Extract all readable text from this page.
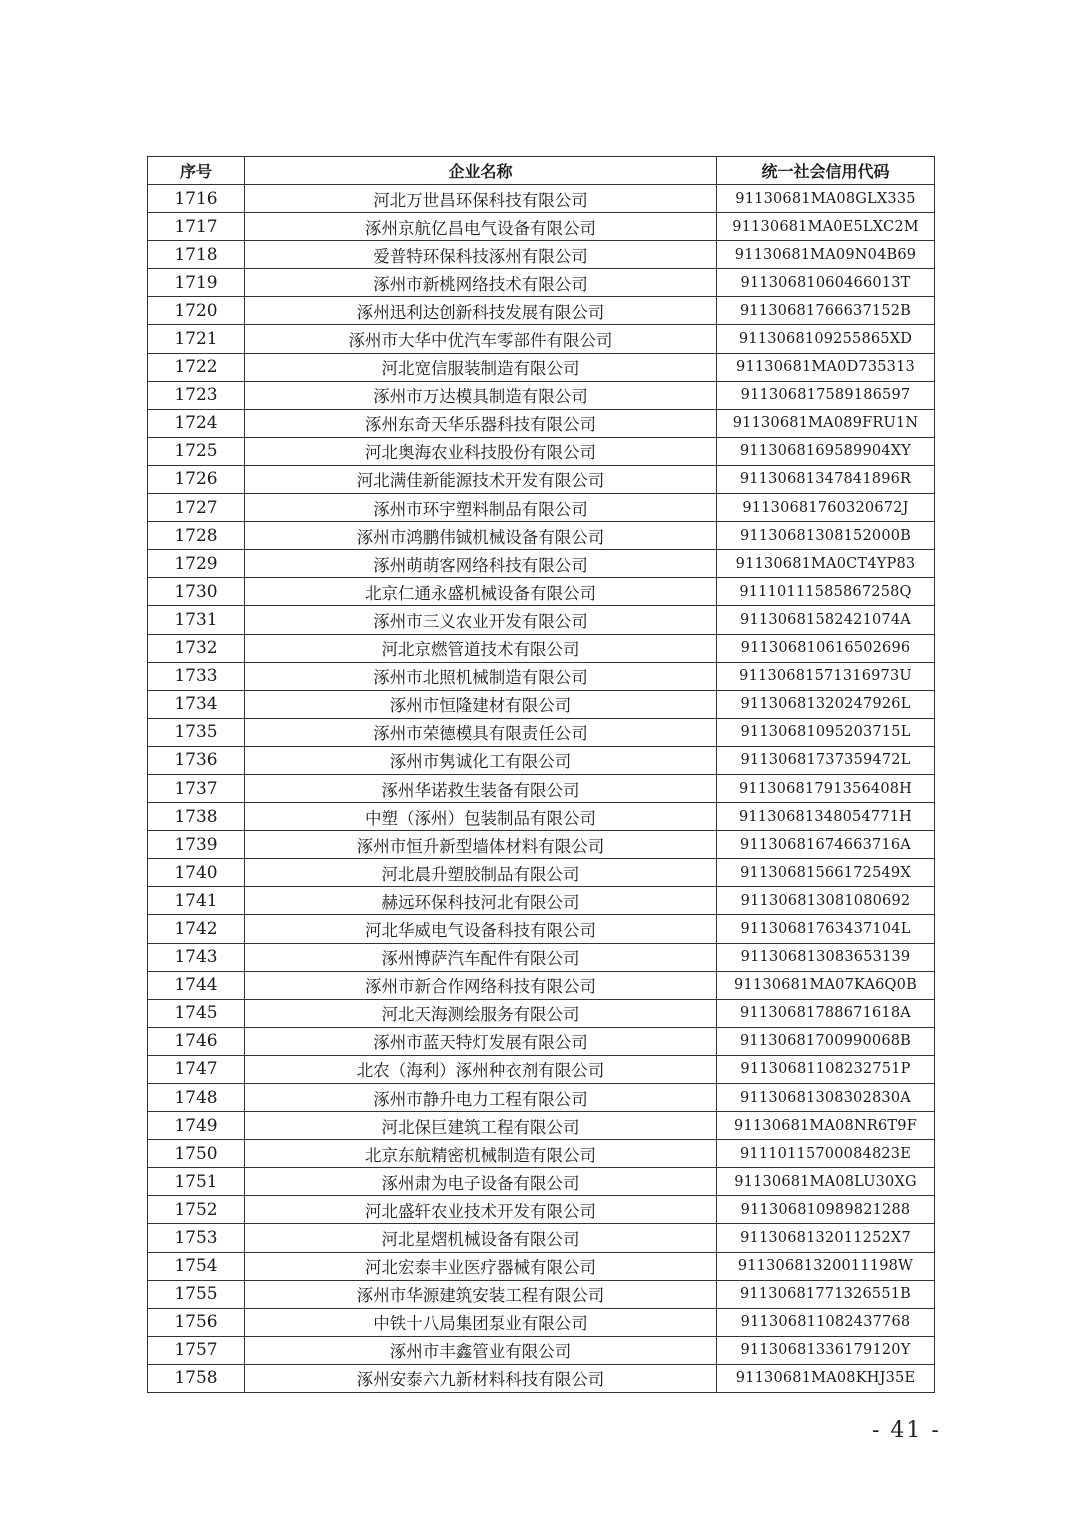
序号	企业名称	统一社会信用代码
1716	河北万世昌环保科技有限公司	91130681MA08GLX335
1717	涿州京航亿昌电气设备有限公司	91130681MA0E5LXC2M
1718	爱普特环保科技涿州有限公司	91130681MA09N04B69
1719	涿州市新桃网络技术有限公司	91130681060466013T
1720	涿州迅利达创新科技发展有限公司	91130681766637152B
1721	涿州市大华中优汽车零部件有限公司	9113068109255865XD
1722	河北宽信服装制造有限公司	91130681MA0D735313
1723	涿州市万达模具制造有限公司	911306817589186597
1724	涿州东奇天华乐器科技有限公司	91130681MA089FRU1N
1725	河北奥海农业科技股份有限公司	9113068169589904XY
1726	河北满佳新能源技术开发有限公司	91130681347841896R
1727	涿州市环宇塑料制品有限公司	91130681760320672J
1728	涿州市鸿鹏伟铖机械设备有限公司	91130681308152000B
1729	涿州萌萌客网络科技有限公司	91130681MA0CT4YP83
1730	北京仁通永盛机械设备有限公司	91110111585867258Q
1731	涿州市三义农业开发有限公司	91130681582421074A
1732	河北京燃管道技术有限公司	911306810616502696
1733	涿州市北照机械制造有限公司	91130681571316973U
1734	涿州市恒隆建材有限公司	91130681320247926L
1735	涿州市荣德模具有限责任公司	91130681095203715L
1736	涿州市隽诚化工有限公司	91130681737359472L
1737	涿州华诺救生装备有限公司	91130681791356408H
1738	中塑（涿州）包装制品有限公司	91130681348054771H
1739	涿州市恒升新型墙体材料有限公司	91130681674663716A
1740	河北晨升塑胶制品有限公司	91130681566172549X
1741	赫远环保科技河北有限公司	911306813081080692
1742	河北华威电气设备科技有限公司	91130681763437104L
1743	涿州博萨汽车配件有限公司	911306813083653139
1744	涿州市新合作网络科技有限公司	91130681MA07KA6Q0B
1745	河北天海测绘服务有限公司	91130681788671618A
1746	涿州市蓝天特灯发展有限公司	91130681700990068B
1747	北农（海利）涿州种衣剂有限公司	91130681108232751P
1748	涿州市静升电力工程有限公司	91130681308302830A
1749	河北保巨建筑工程有限公司	91130681MA08NR6T9F
1750	北京东航精密机械制造有限公司	91110115700084823E
1751	涿州肃为电子设备有限公司	91130681MA08LU30XG
1752	河北盛轩农业技术开发有限公司	911306810989821288
1753	河北星熠机械设备有限公司	9113068132011252X7
1754	河北宏泰丰业医疗器械有限公司	91130681320011198W
1755	涿州市华源建筑安装工程有限公司	91130681771326551B
1756	中铁十八局集团泵业有限公司	911306811082437768
1757	涿州市丰鑫管业有限公司	91130681336179120Y
1758	涿州安泰六九新材料科技有限公司	91130681MA08KHJ35E
- 41 -
